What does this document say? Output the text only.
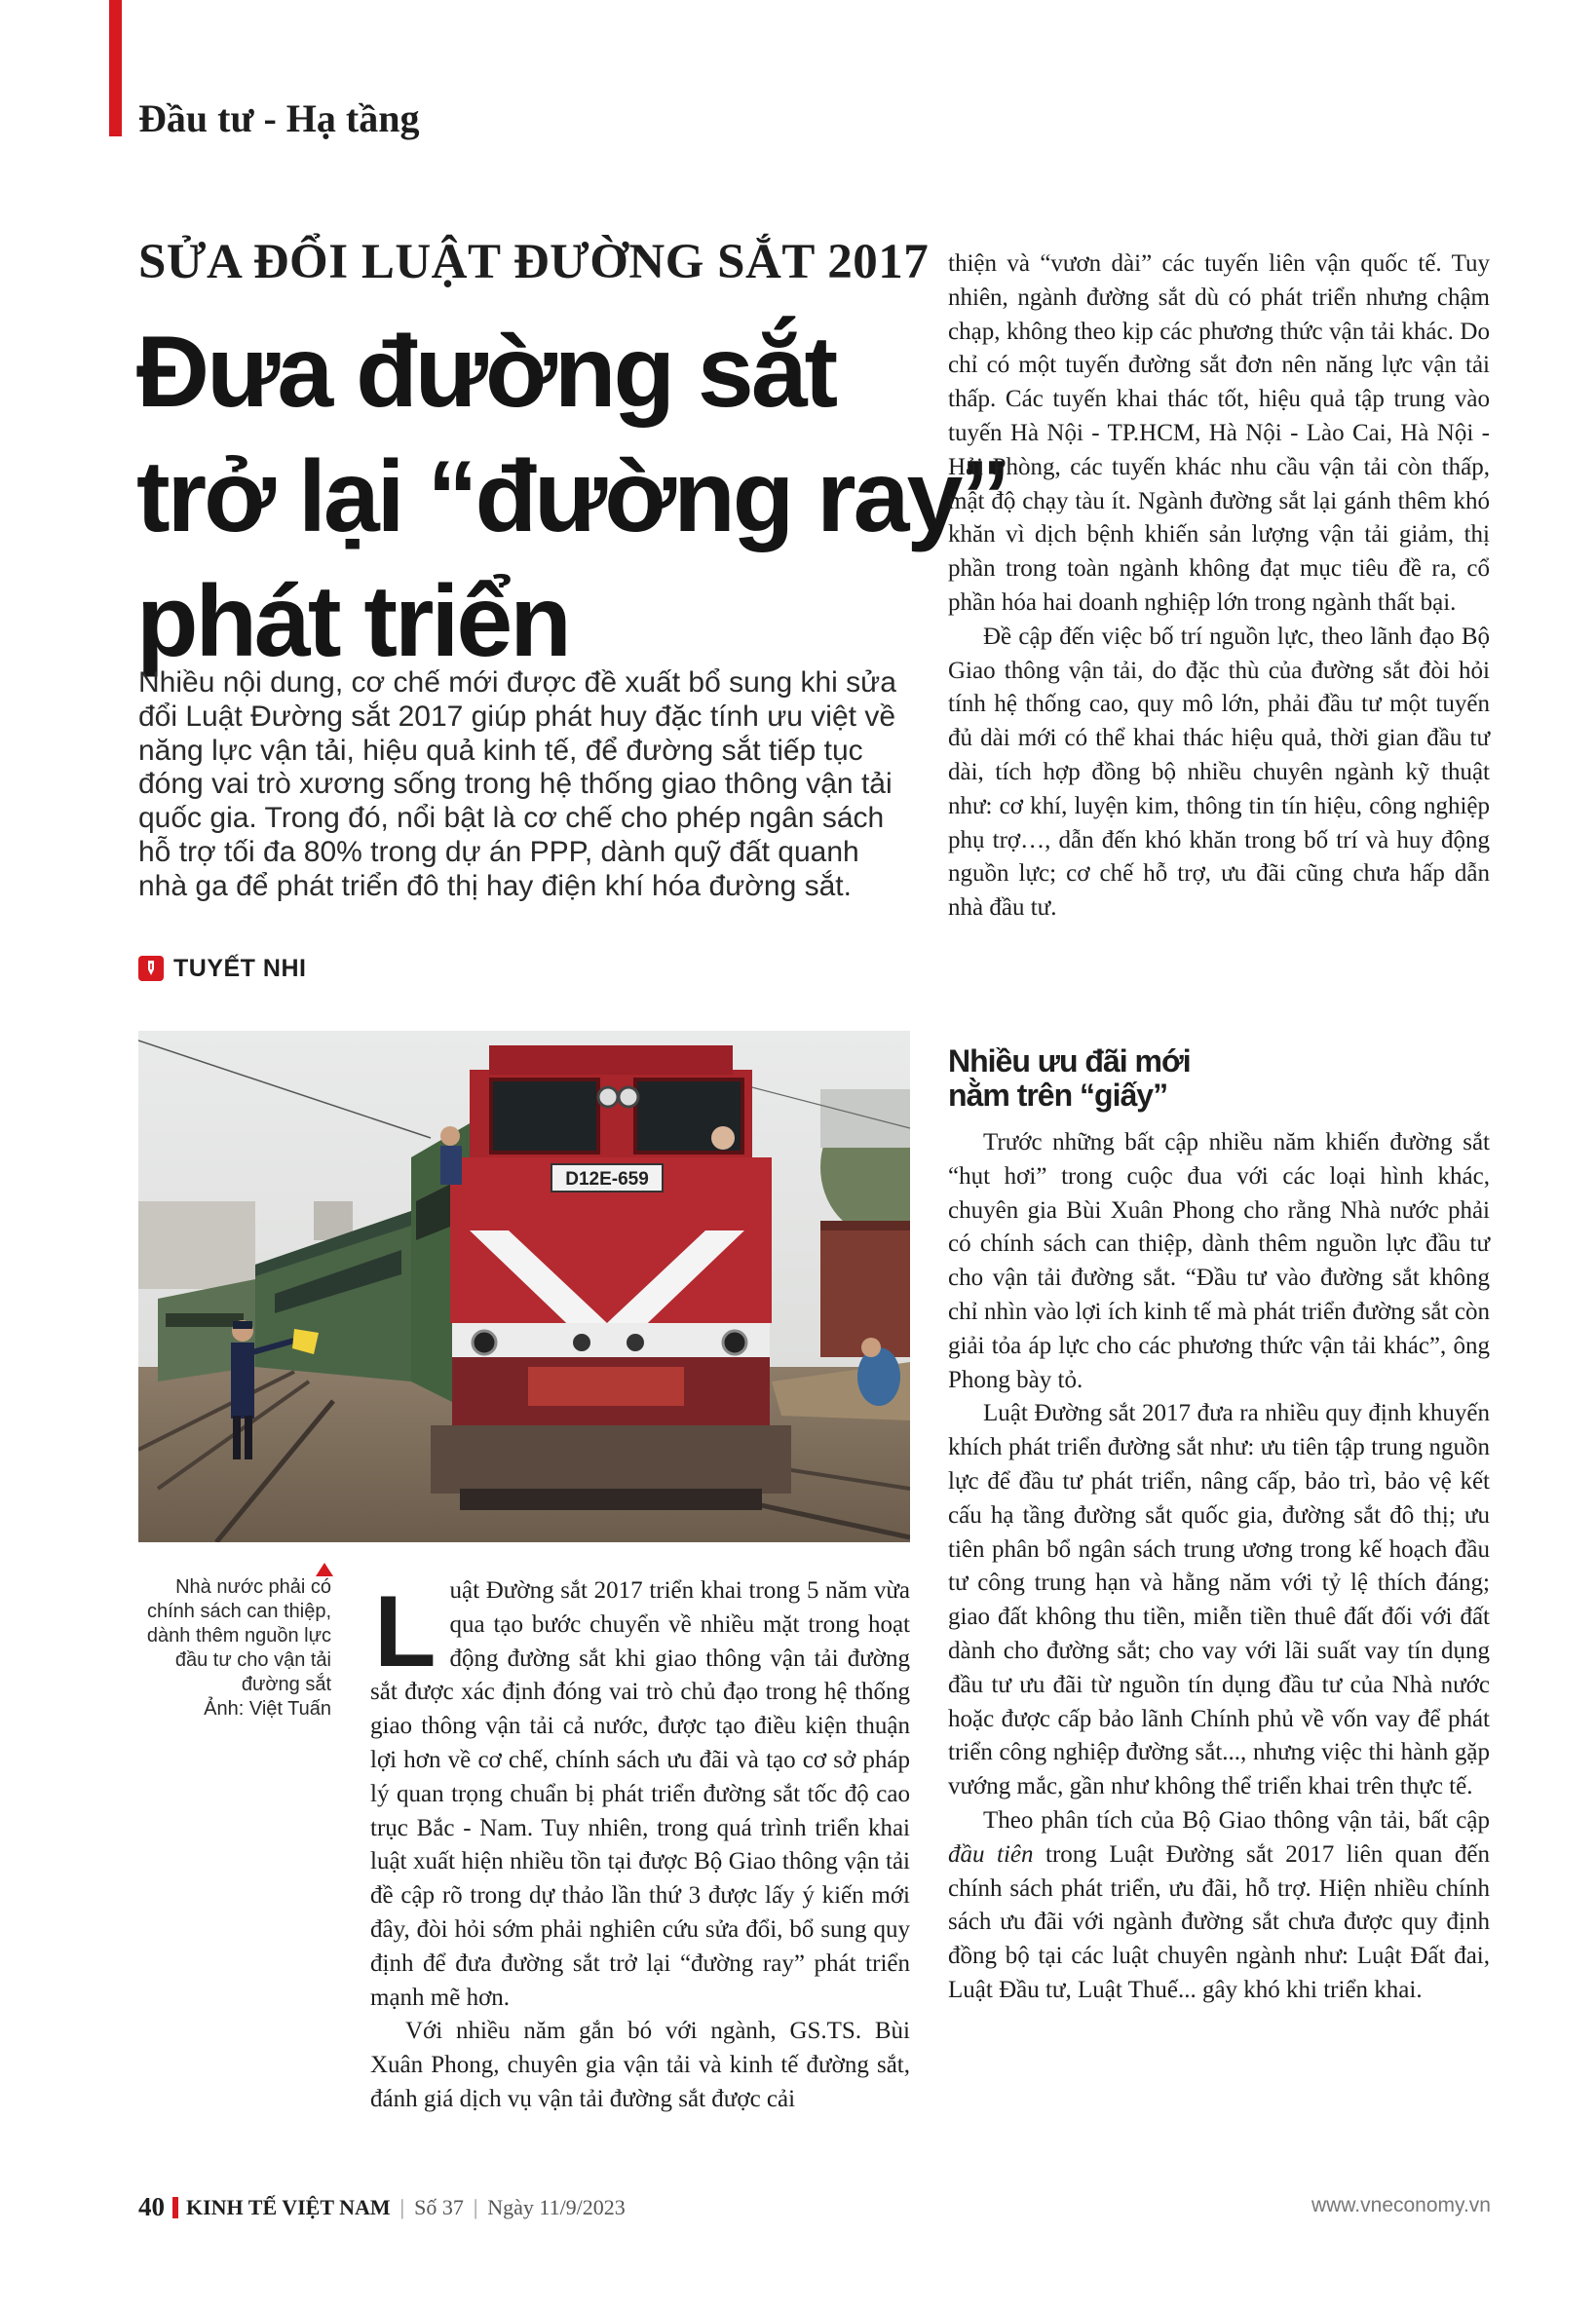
Đầu tư - Hạ tầng
SỬA ĐỔI LUẬT ĐƯỜNG SẮT 2017
Đưa đường sắt
trở lại “đường ray”
phát triển
Nhiều nội dung, cơ chế mới được đề xuất bổ sung khi sửa đổi Luật Đường sắt 2017 giúp phát huy đặc tính ưu việt về năng lực vận tải, hiệu quả kinh tế, để đường sắt tiếp tục đóng vai trò xương sống trong hệ thống giao thông vận tải quốc gia. Trong đó, nổi bật là cơ chế cho phép ngân sách hỗ trợ tối đa 80% trong dự án PPP, dành quỹ đất quanh nhà ga để phát triển đô thị hay điện khí hóa đường sắt.
TUYẾT NHI
D12E-659
Nhà nước phải có chính sách can thiệp, dành thêm nguồn lực đầu tư cho vận tải đường sắt
Ảnh: Việt Tuấn

Luật Đường sắt 2017 triển khai trong 5 năm vừa qua tạo bước chuyển về nhiều mặt trong hoạt động đường sắt khi giao thông vận tải đường sắt được xác định đóng vai trò chủ đạo trong hệ thống giao thông vận tải cả nước, được tạo điều kiện thuận lợi hơn về cơ chế, chính sách ưu đãi và tạo cơ sở pháp lý quan trọng chuẩn bị phát triển đường sắt tốc độ cao trục Bắc - Nam. Tuy nhiên, trong quá trình triển khai luật xuất hiện nhiều tồn tại được Bộ Giao thông vận tải đề cập rõ trong dự thảo lần thứ 3 được lấy ý kiến mới đây, đòi hỏi sớm phải nghiên cứu sửa đổi, bổ sung quy định để đưa đường sắt trở lại “đường ray” phát triển mạnh mẽ hơn.

Với nhiều năm gắn bó với ngành, GS.TS. Bùi Xuân Phong, chuyên gia vận tải và kinh tế đường sắt, đánh giá dịch vụ vận tải đường sắt được cải

thiện và “vươn dài” các tuyến liên vận quốc tế. Tuy nhiên, ngành đường sắt dù có phát triển nhưng chậm chạp, không theo kịp các phương thức vận tải khác. Do chỉ có một tuyến đường sắt đơn nên năng lực vận tải thấp. Các tuyến khai thác tốt, hiệu quả tập trung vào tuyến Hà Nội - TP.HCM, Hà Nội - Lào Cai, Hà Nội - Hải Phòng, các tuyến khác nhu cầu vận tải còn thấp, mật độ chạy tàu ít. Ngành đường sắt lại gánh thêm khó khăn vì dịch bệnh khiến sản lượng vận tải giảm, thị phần trong toàn ngành không đạt mục tiêu đề ra, cổ phần hóa hai doanh nghiệp lớn trong ngành thất bại.

Đề cập đến việc bố trí nguồn lực, theo lãnh đạo Bộ Giao thông vận tải, do đặc thù của đường sắt đòi hỏi tính hệ thống cao, quy mô lớn, phải đầu tư một tuyến đủ dài mới có thể khai thác hiệu quả, thời gian đầu tư dài, tích hợp đồng bộ nhiều chuyên ngành kỹ thuật như: cơ khí, luyện kim, thông tin tín hiệu, công nghiệp phụ trợ…, dẫn đến khó khăn trong bố trí và huy động nguồn lực; cơ chế hỗ trợ, ưu đãi cũng chưa hấp dẫn nhà đầu tư.

Nhiều ưu đãi mới
nằm trên “giấy”

Trước những bất cập nhiều năm khiến đường sắt “hụt hơi” trong cuộc đua với các loại hình khác, chuyên gia Bùi Xuân Phong cho rằng Nhà nước phải có chính sách can thiệp, dành thêm nguồn lực đầu tư cho vận tải đường sắt. “Đầu tư vào đường sắt không chỉ nhìn vào lợi ích kinh tế mà phát triển đường sắt còn giải tỏa áp lực cho các phương thức vận tải khác”, ông Phong bày tỏ.

Luật Đường sắt 2017 đưa ra nhiều quy định khuyến khích phát triển đường sắt như: ưu tiên tập trung nguồn lực để đầu tư phát triển, nâng cấp, bảo trì, bảo vệ kết cấu hạ tầng đường sắt quốc gia, đường sắt đô thị; ưu tiên phân bổ ngân sách trung ương trong kế hoạch đầu tư công trung hạn và hằng năm với tỷ lệ thích đáng; giao đất không thu tiền, miễn tiền thuê đất đối với đất dành cho đường sắt; cho vay với lãi suất vay tín dụng đầu tư ưu đãi từ nguồn tín dụng đầu tư của Nhà nước hoặc được cấp bảo lãnh Chính phủ về vốn vay để phát triển công nghiệp đường sắt..., nhưng việc thi hành gặp vướng mắc, gần như không thể triển khai trên thực tế.

Theo phân tích của Bộ Giao thông vận tải, bất cập đầu tiên trong Luật Đường sắt 2017 liên quan đến chính sách phát triển, ưu đãi, hỗ trợ. Hiện nhiều chính sách ưu đãi với ngành đường sắt chưa được quy định đồng bộ tại các luật chuyên ngành như: Luật Đất đai, Luật Đầu tư, Luật Thuế... gây khó khi triển khai.

40 KINH TẾ VIỆT NAM | Số 37 | Ngày 11/9/2023	www.vneconomy.vn
